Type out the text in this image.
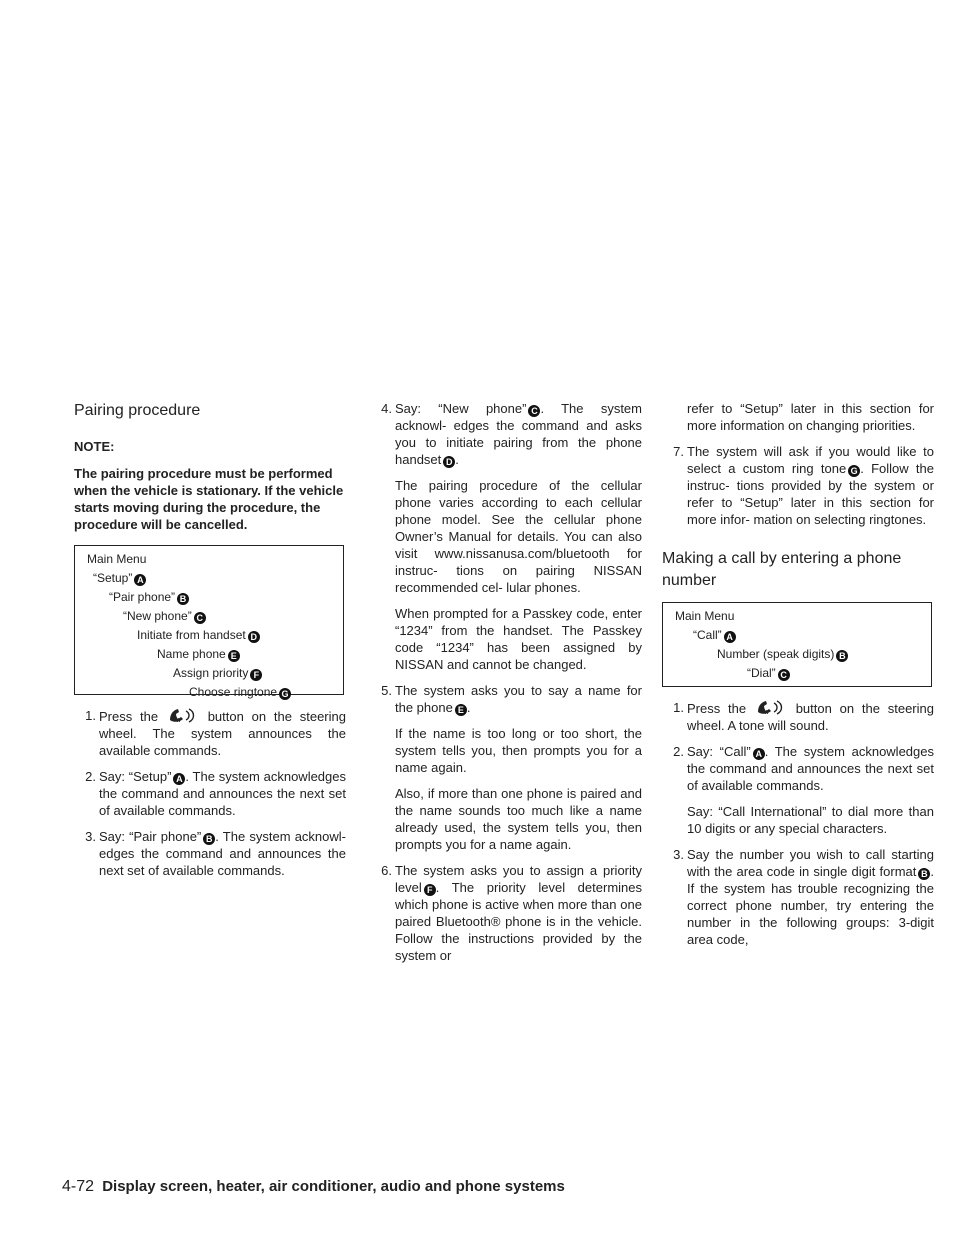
Pairing procedure
NOTE:
The pairing procedure must be performed when the vehicle is stationary. If the vehicle starts moving during the procedure, the procedure will be cancelled.
Main Menu
“Setup” A
“Pair phone” B
“New phone” C
Initiate from handset D
Name phone E
Assign priority F
Choose ringtone G
1 . Press the	W button on the steering wheel. The system announces the available commands.
2 . Say: “Setup” A . The system acknowledges the command and announces the next set of available commands.
3 . Say: “Pair phone” B . The system acknowl- edges the command and announces the next set of available commands.
4 . Say: “New phone” C . The system acknowl- edges the command and asks you to initiate pairing from the phone handset D .
The pairing procedure of the cellular phone varies according to each cellular phone model. See the cellular phone Owner’s Manual for details. You can also visit www.nissanusa.com/bluetooth for instruc- tions on pairing NISSAN recommended cel- lular phones.
When prompted for a Passkey code, enter “1234” from the handset. The Passkey code “1234” has been assigned by NISSAN and cannot be changed.
5 . The system asks you to say a name for the phone E .
If the name is too long or too short, the system tells you, then prompts you for a name again.
Also, if more than one phone is paired and the name sounds too much like a name already used, the system tells you, then prompts you for a name again.
6 . The system asks you to assign a priority level F . The priority level determines which phone is active when more than one paired Bluetooth® phone is in the vehicle. Follow the instructions provided by the system or
refer to “Setup” later in this section for more information on changing priorities.
7 . The system will ask if you would like to select a custom ring tone G . Follow the instruc- tions provided by the system or refer to “Setup” later in this section for more infor- mation on selecting ringtones.
Making a call by entering a phone number
Main Menu
“Call” A
Number (speak digits) B
“Dial” C
1 . Press the	W button on the steering wheel. A tone will sound.
2 . Say: “Call” A . The system acknowledges the command and announces the next set of available commands.
Say: “Call International” to dial more than 10 digits or any special characters.
3 . Say the number you wish to call starting with the area code in single digit format B . If the system has trouble recognizing the correct phone number, try entering the number in the following groups: 3-digit area code,
4-72 Display screen, heater, air conditioner, audio and phone systems
